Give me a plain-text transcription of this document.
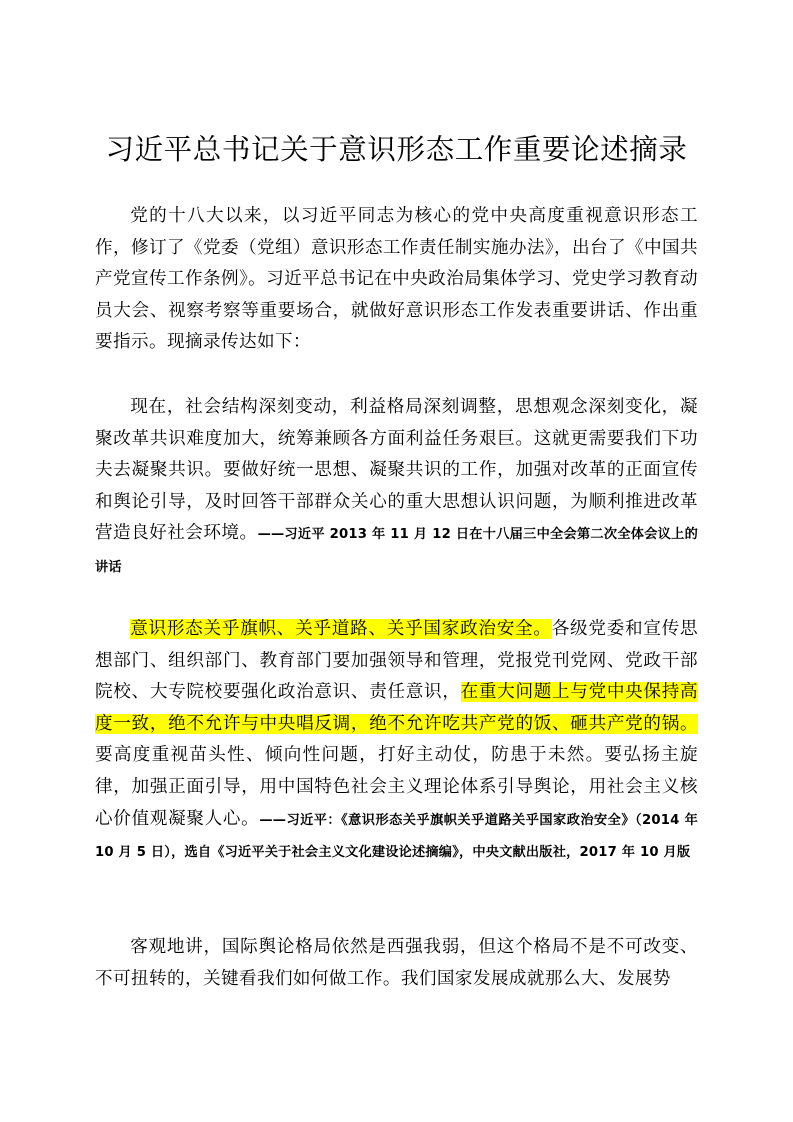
习近平总书记关于意识形态工作重要论述摘录

党的十八大以来，以习近平同志为核心的党中央高度重视意识形态工作，修订了《党委（党组）意识形态工作责任制实施办法》，出台了《中国共产党宣传工作条例》。习近平总书记在中央政治局集体学习、党史学习教育动员大会、视察考察等重要场合，就做好意识形态工作发表重要讲话、作出重要指示。现摘录传达如下：

现在，社会结构深刻变动，利益格局深刻调整，思想观念深刻变化，凝聚改革共识难度加大，统筹兼顾各方面利益任务艰巨。这就更需要我们下功夫去凝聚共识。要做好统一思想、凝聚共识的工作，加强对改革的正面宣传和舆论引导，及时回答干部群众关心的重大思想认识问题，为顺利推进改革营造良好社会环境。——习近平 2013 年 11 月 12 日在十八届三中全会第二次全体会议上的讲话

意识形态关乎旗帜、关乎道路、关乎国家政治安全。各级党委和宣传思想部门、组织部门、教育部门要加强领导和管理，党报党刊党网、党政干部院校、大专院校要强化政治意识、责任意识，在重大问题上与党中央保持高度一致，绝不允许与中央唱反调，绝不允许吃共产党的饭、砸共产党的锅。要高度重视苗头性、倾向性问题，打好主动仗，防患于未然。要弘扬主旋律，加强正面引导，用中国特色社会主义理论体系引导舆论，用社会主义核心价值观凝聚人心。——习近平：《意识形态关乎旗帜关乎道路关乎国家政治安全》（2014 年 10 月 5 日），选自《习近平关于社会主义文化建设论述摘编》，中央文献出版社，2017 年 10 月版

客观地讲，国际舆论格局依然是西强我弱，但这个格局不是不可改变、不可扭转的，关键看我们如何做工作。我们国家发展成就那么大、发展势
